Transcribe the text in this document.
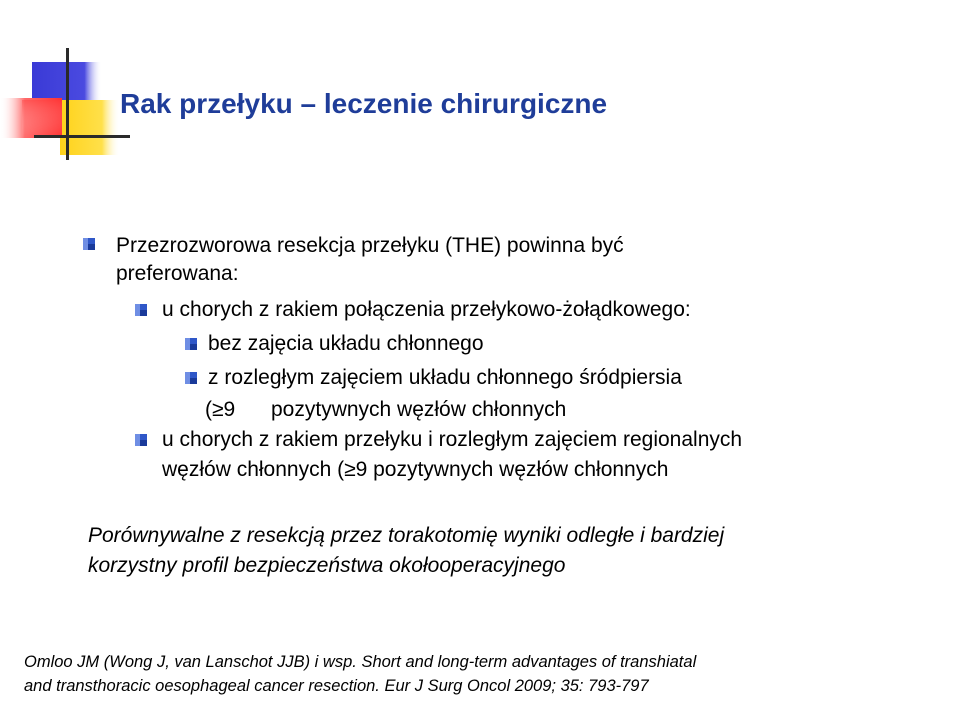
Rak przełyku – leczenie chirurgiczne
Przezrozworowa resekcja przełyku (THE) powinna być
preferowana:
u chorych z rakiem połączenia przełykowo-żołądkowego:
bez zajęcia układu chłonnego
z rozległym zajęciem układu chłonnego śródpiersia
(≥9 pozytywnych węzłów chłonnych
u chorych z rakiem przełyku i rozległym zajęciem regionalnych
węzłów chłonnych (≥9 pozytywnych węzłów chłonnych
Porównywalne z resekcją przez torakotomię wyniki odległe i bardziej
korzystny profil bezpieczeństwa okołooperacyjnego
Omloo JM (Wong J, van Lanschot JJB) i wsp. Short and long-term advantages of transhiatal
and transthoracic oesophageal cancer resection. Eur J Surg Oncol 2009; 35: 793-797
